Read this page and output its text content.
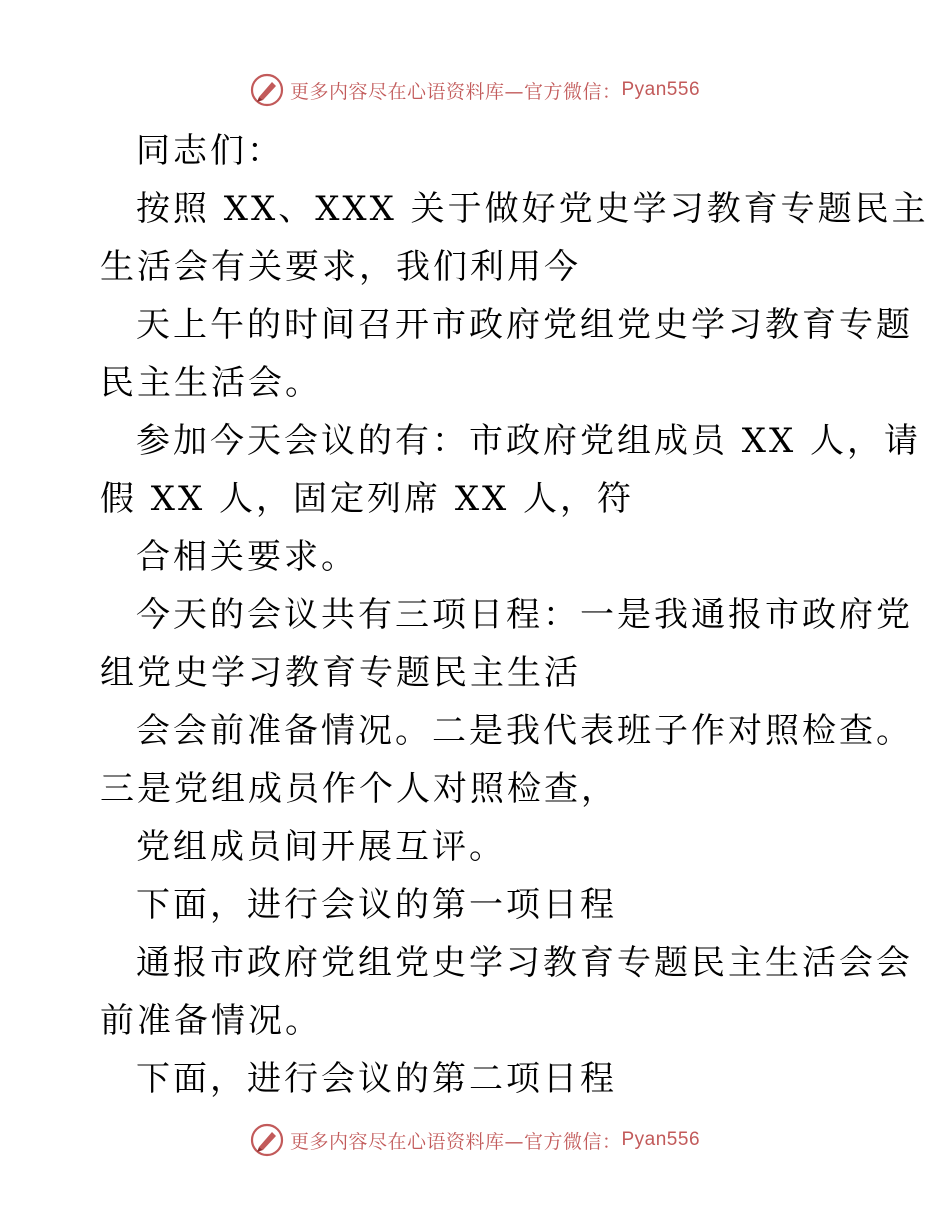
更多内容尽在心语资料库—官方微信： Pyan556
同志们：
按照 XX、XXX 关于做好党史学习教育专题民主
生活会有关要求，我们利用今
天上午的时间召开市政府党组党史学习教育专题
民主生活会。
参加今天会议的有：市政府党组成员 XX 人，请
假 XX 人，固定列席 XX 人，符
合相关要求。
今天的会议共有三项日程：一是我通报市政府党
组党史学习教育专题民主生活
会会前准备情况。二是我代表班子作对照检查。
三是党组成员作个人对照检查，
党组成员间开展互评。
下面，进行会议的第一项日程
通报市政府党组党史学习教育专题民主生活会会
前准备情况。
下面，进行会议的第二项日程
更多内容尽在心语资料库—官方微信： Pyan556
